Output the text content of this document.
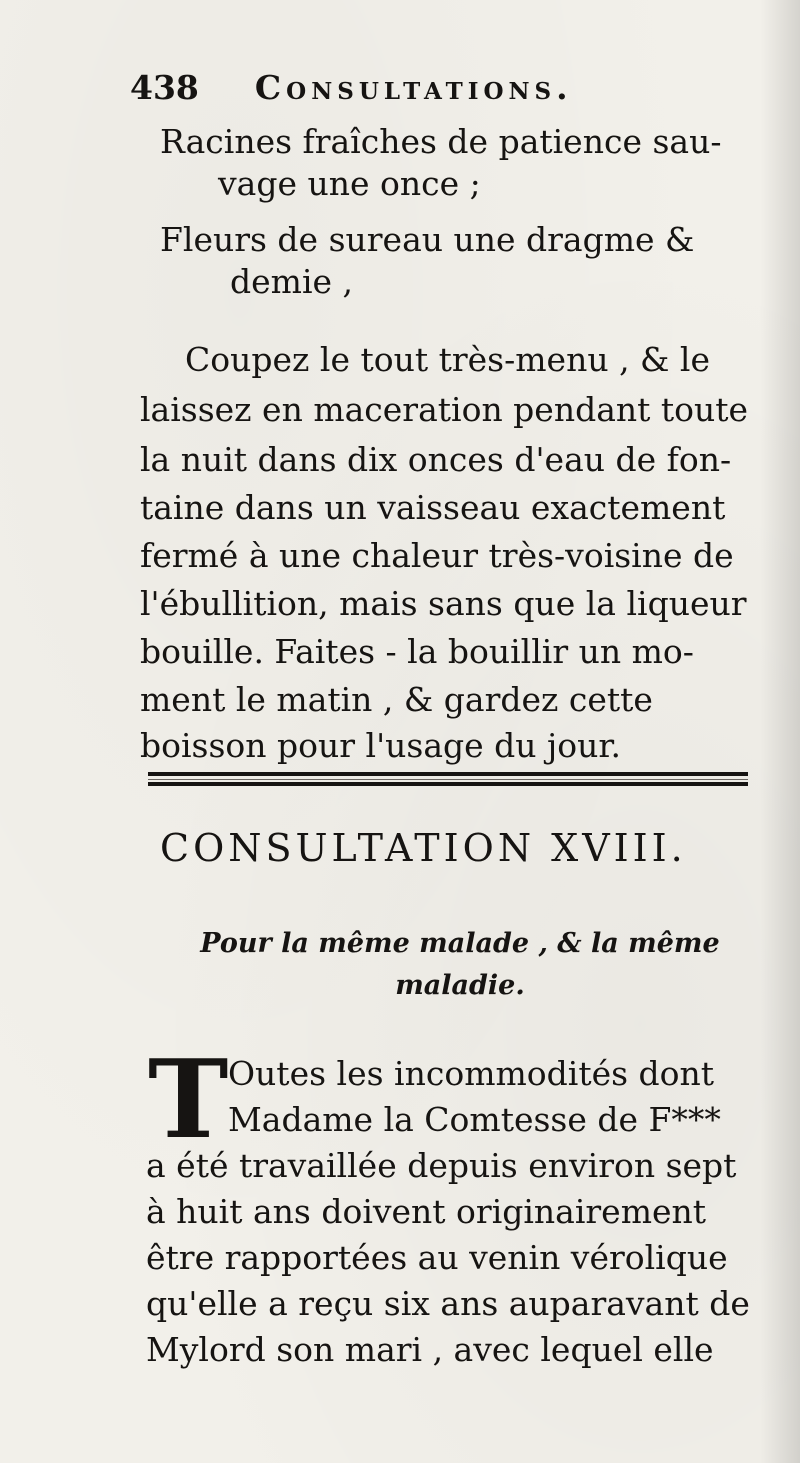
438 Consultations.
Racines fraîches de patience sau-
vage une once ;
Fleurs de sureau une dragme &
demie ,
Coupez le tout très-menu , & le
laissez en maceration pendant toute
la nuit dans dix onces d'eau de fon-
taine dans un vaisseau exactement
fermé à une chaleur très-voisine de
l'ébullition, mais sans que la liqueur
bouille. Faites - la bouillir un mo-
ment le matin , & gardez cette
boisson pour l'usage du jour.
CONSULTATION XVIII.
Pour la même malade , & la même
maladie.
T Outes les incommodités dont
Madame la Comtesse de F***
a été travaillée depuis environ sept
à huit ans doivent originairement
être rapportées au venin vérolique
qu'elle a reçu six ans auparavant de
Mylord son mari , avec lequel elle
